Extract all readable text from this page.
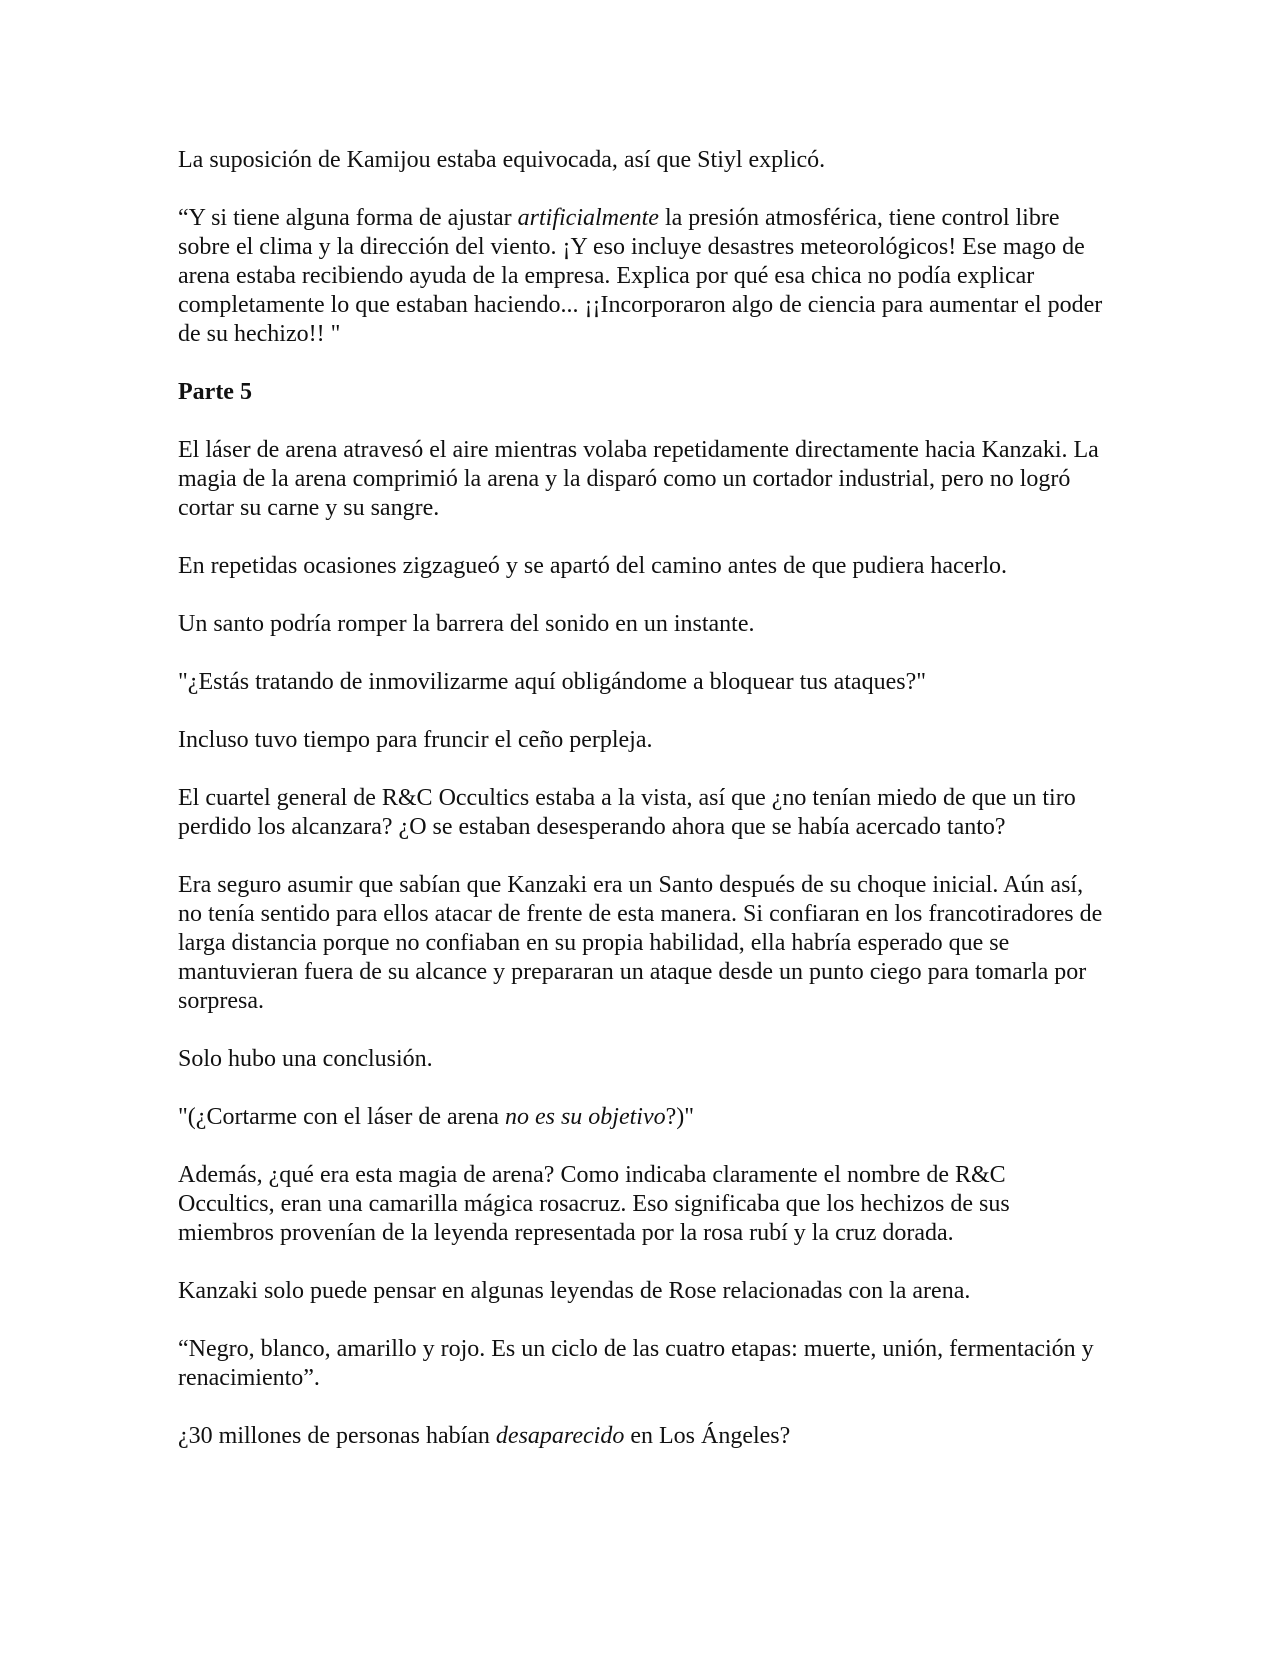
La suposición de Kamijou estaba equivocada, así que Stiyl explicó.

“Y si tiene alguna forma de ajustar artificialmente la presión atmosférica, tiene control libre sobre el clima y la dirección del viento. ¡Y eso incluye desastres meteorológicos! Ese mago de arena estaba recibiendo ayuda de la empresa. Explica por qué esa chica no podía explicar completamente lo que estaban haciendo... ¡¡Incorporaron algo de ciencia para aumentar el poder de su hechizo!! "

Parte 5

El láser de arena atravesó el aire mientras volaba repetidamente directamente hacia Kanzaki. La magia de la arena comprimió la arena y la disparó como un cortador industrial, pero no logró cortar su carne y su sangre.

En repetidas ocasiones zigzagueó y se apartó del camino antes de que pudiera hacerlo.

Un santo podría romper la barrera del sonido en un instante.

"¿Estás tratando de inmovilizarme aquí obligándome a bloquear tus ataques?"

Incluso tuvo tiempo para fruncir el ceño perpleja.

El cuartel general de R&C Occultics estaba a la vista, así que ¿no tenían miedo de que un tiro perdido los alcanzara? ¿O se estaban desesperando ahora que se había acercado tanto?

Era seguro asumir que sabían que Kanzaki era un Santo después de su choque inicial. Aún así, no tenía sentido para ellos atacar de frente de esta manera. Si confiaran en los francotiradores de larga distancia porque no confiaban en su propia habilidad, ella habría esperado que se mantuvieran fuera de su alcance y prepararan un ataque desde un punto ciego para tomarla por sorpresa.

Solo hubo una conclusión.

"(¿Cortarme con el láser de arena no es su objetivo?)"

Además, ¿qué era esta magia de arena? Como indicaba claramente el nombre de R&C Occultics, eran una camarilla mágica rosacruz. Eso significaba que los hechizos de sus miembros provenían de la leyenda representada por la rosa rubí y la cruz dorada.

Kanzaki solo puede pensar en algunas leyendas de Rose relacionadas con la arena.

“Negro, blanco, amarillo y rojo. Es un ciclo de las cuatro etapas: muerte, unión, fermentación y renacimiento”.

¿30 millones de personas habían desaparecido en Los Ángeles?
